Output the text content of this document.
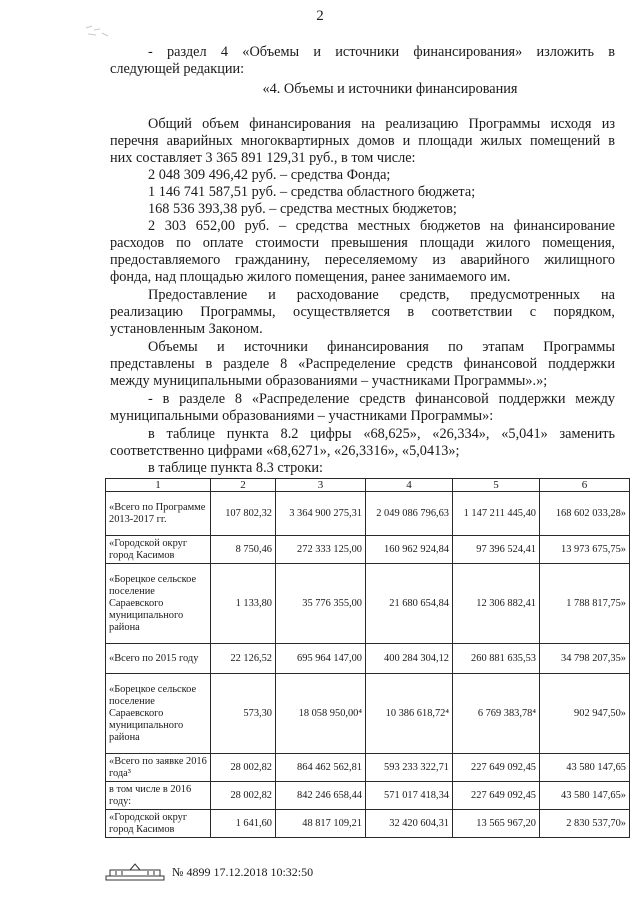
2
- раздел 4 «Объемы и источники финансирования» изложить в
следующей редакции:
«4. Объемы и источники финансирования
Общий объем финансирования на реализацию Программы исходя из
перечня аварийных многоквартирных домов и площади жилых помещений в
них составляет 3 365 891 129,31 руб., в том числе:
2 048 309 496,42 руб. – средства Фонда;
1 146 741 587,51 руб. – средства областного бюджета;
168 536 393,38 руб. – средства местных бюджетов;
2 303 652,00 руб. – средства местных бюджетов на финансирование
расходов по оплате стоимости превышения площади жилого помещения,
предоставляемого гражданину, переселяемому из аварийного жилищного
фонда, над площадью жилого помещения, ранее занимаемого им.
Предоставление и расходование средств, предусмотренных на
реализацию Программы, осуществляется в соответствии с порядком,
установленным Законом.
Объемы и источники финансирования по этапам Программы
представлены в разделе 8 «Распределение средств финансовой поддержки
между муниципальными образованиями – участниками Программы».»;
- в разделе 8 «Распределение средств финансовой поддержки между
муниципальными образованиями – участниками Программы»:
в таблице пункта 8.2 цифры «68,625», «26,334», «5,041» заменить
соответственно цифрами «68,6271», «26,3316», «5,0413»;
в таблице пункта 8.3 строки:
1	2	3	4	5	6
«Всего по Программе 2013-2017 гг.	107 802,32	3 364 900 275,31	2 049 086 796,63	1 147 211 445,40	168 602 033,28»
«Городской округ город Касимов	8 750,46	272 333 125,00	160 962 924,84	97 396 524,41	13 973 675,75»
«Борецкое сельское поселение Сараевского муниципального района	1 133,80	35 776 355,00	21 680 654,84	12 306 882,41	1 788 817,75»
«Всего по 2015 году	22 126,52	695 964 147,00	400 284 304,12	260 881 635,53	34 798 207,35»
«Борецкое сельское поселение Сараевского муниципального района	573,30	18 058 950,00⁴	10 386 618,72⁴	6 769 383,78⁴	902 947,50»
«Всего по заявке 2016 года³	28 002,82	864 462 562,81	593 233 322,71	227 649 092,45	43 580 147,65
в том числе в 2016 году:	28 002,82	842 246 658,44	571 017 418,34	227 649 092,45	43 580 147,65»
«Городской округ город Касимов	1 641,60	48 817 109,21	32 420 604,31	13 565 967,20	2 830 537,70»
№ 4899 17.12.2018 10:32:50
